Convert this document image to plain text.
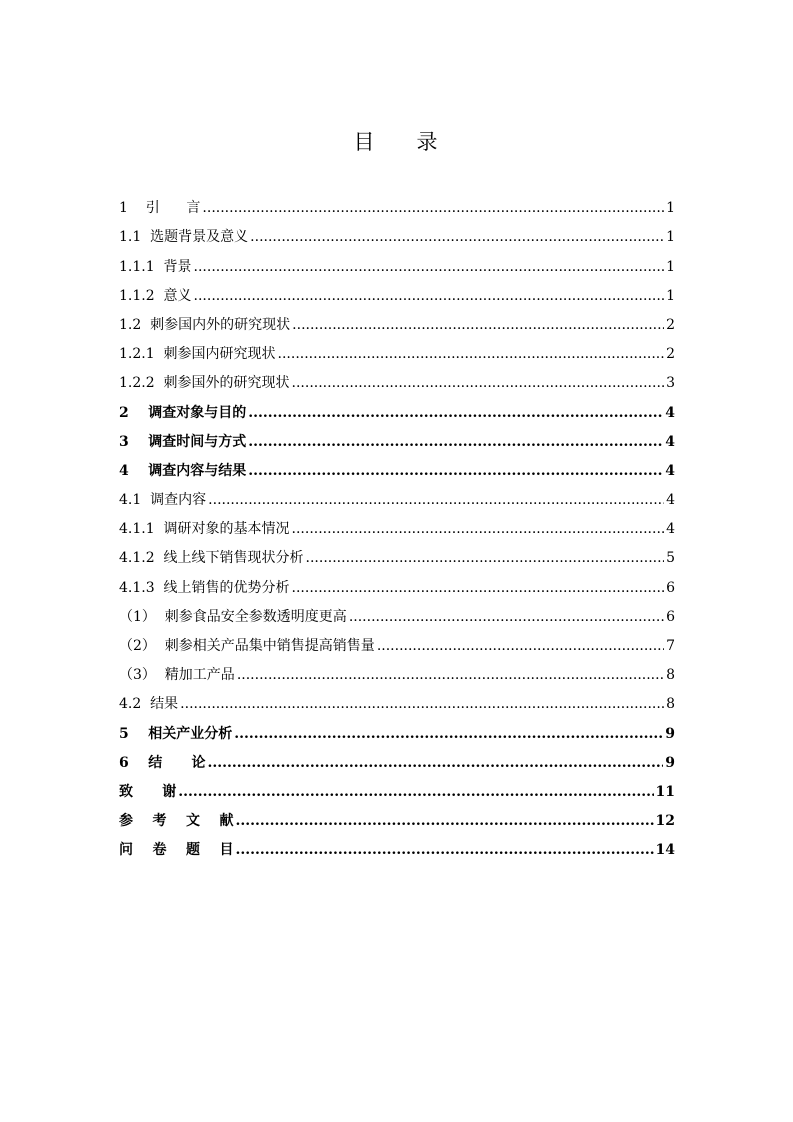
目 录
1    引      言 .....	1
1.1  选题背景及意义 .....	1
1.1.1  背景 .....	1
1.1.2  意义 .....	1
1.2  刺参国内外的研究现状 .....	2
1.2.1  刺参国内研究现状 .....	2
1.2.2  刺参国外的研究现状 .....	3
2    调查对象与目的 .....	4
3    调查时间与方式 .....	4
4    调查内容与结果 .....	4
4.1  调查内容 .....	4
4.1.1  调研对象的基本情况 .....	4
4.1.2  线上线下销售现状分析 .....	5
4.1.3  线上销售的优势分析 .....	6
（1）  刺参食品安全参数透明度更高 .....	6
（2）  刺参相关产品集中销售提高销售量 .....	7
（3）  精加工产品 .....	8
4.2  结果 .....	8
5    相关产业分析 .....	9
6    结      论 .....	9
致      谢 .....	11
参    考    文    献 .....	12
问    卷    题    目 .....	14
